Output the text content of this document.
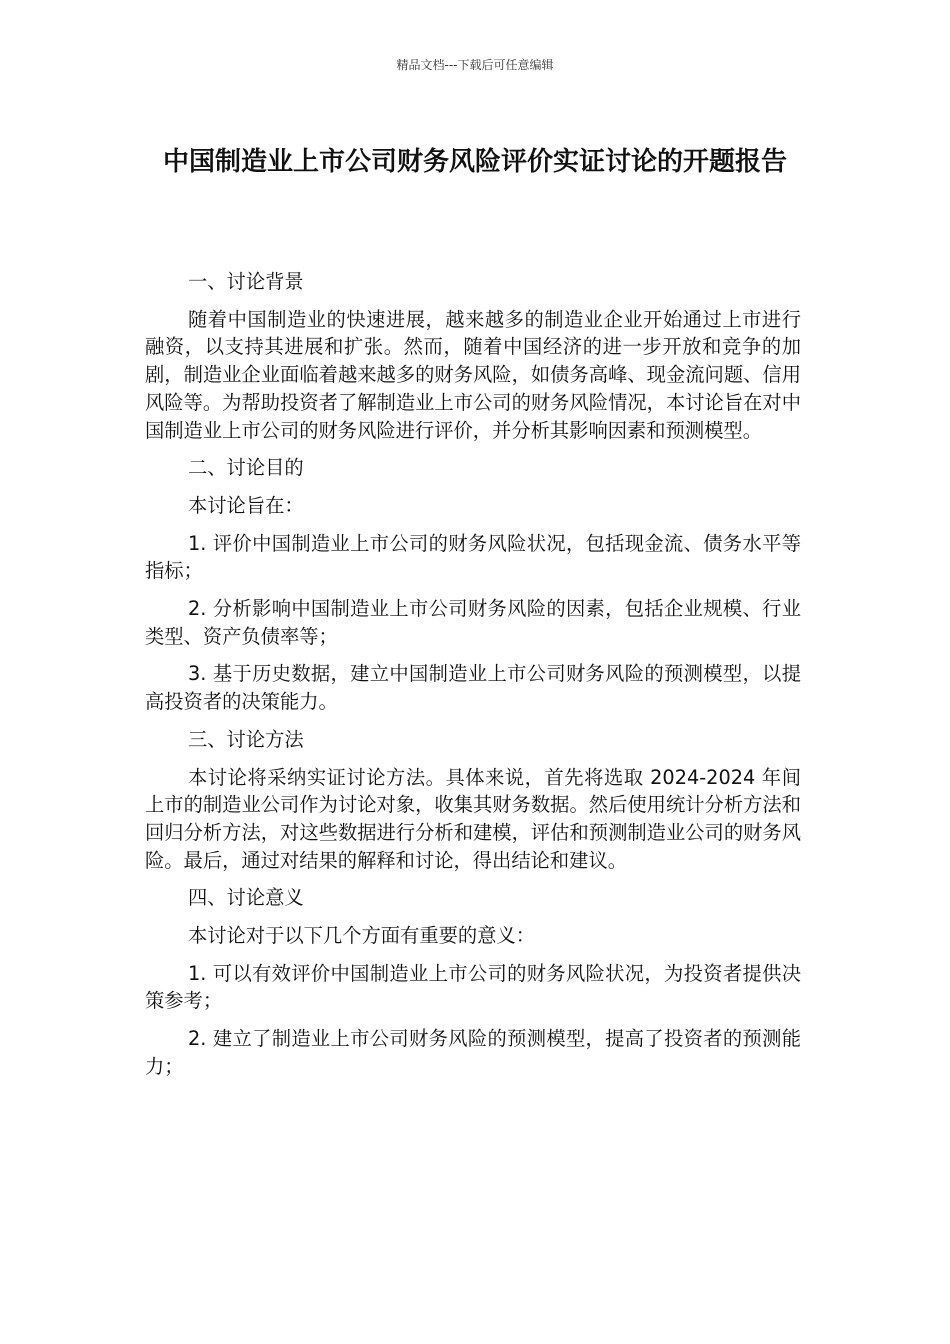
精品文档---下载后可任意编辑
中国制造业上市公司财务风险评价实证讨论的开题报告

一、讨论背景

随着中国制造业的快速进展，越来越多的制造业企业开始通过上市进行融资，以支持其进展和扩张。然而，随着中国经济的进一步开放和竞争的加剧，制造业企业面临着越来越多的财务风险，如债务高峰、现金流问题、信用风险等。为帮助投资者了解制造业上市公司的财务风险情况，本讨论旨在对中国制造业上市公司的财务风险进行评价，并分析其影响因素和预测模型。

二、讨论目的

本讨论旨在：

1. 评价中国制造业上市公司的财务风险状况，包括现金流、债务水平等指标；

2. 分析影响中国制造业上市公司财务风险的因素，包括企业规模、行业类型、资产负债率等；

3. 基于历史数据，建立中国制造业上市公司财务风险的预测模型，以提高投资者的决策能力。

三、讨论方法

本讨论将采纳实证讨论方法。具体来说，首先将选取 2024-2024 年间上市的制造业公司作为讨论对象，收集其财务数据。然后使用统计分析方法和回归分析方法，对这些数据进行分析和建模，评估和预测制造业公司的财务风险。最后，通过对结果的解释和讨论，得出结论和建议。

四、讨论意义

本讨论对于以下几个方面有重要的意义：

1. 可以有效评价中国制造业上市公司的财务风险状况，为投资者提供决策参考；

2. 建立了制造业上市公司财务风险的预测模型，提高了投资者的预测能力；
